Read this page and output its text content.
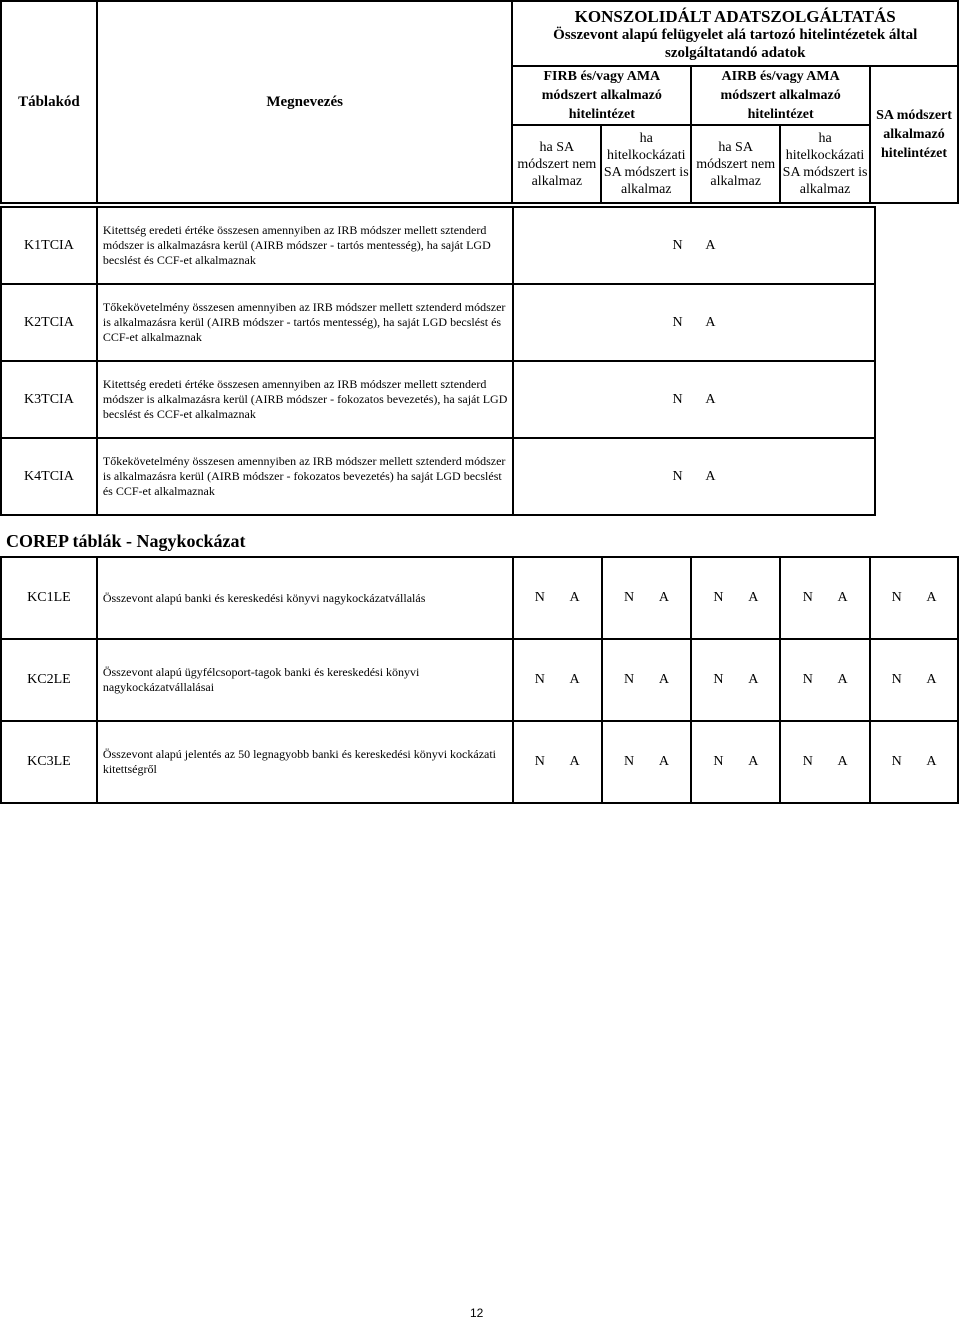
Táblakód	Megnevezés	KONSZOLIDÁLT ADATSZOLGÁLTATÁS
Összevont alapú felügyelet alá tartozó hitelintézetek által szolgáltatandó adatok				

		FIRB és/vagy AMA módszert alkalmazó hitelintézet		AIRB és/vagy AMA módszert alkalmazó hitelintézet		SA módszert alkalmazó hitelintézet
		ha SA módszert nem alkalmaz	ha hitelkockázati SA módszert is alkalmaz	ha SA módszert nem alkalmaz	ha hitelkockázati SA módszert is alkalmaz	
K1TCIA	Kitettség eredeti értéke összesen amennyiben az IRB módszer mellett sztenderd módszer is alkalmazásra kerül (AIRB módszer - tartós mentesség), ha saját LGD becslést és CCF-et alkalmaznak	N A
K2TCIA	Tőkekövetelmény összesen amennyiben az IRB módszer mellett sztenderd módszer is alkalmazásra kerül (AIRB módszer - tartós mentesség), ha saját LGD becslést és CCF-et alkalmaznak	N A
K3TCIA	Kitettség eredeti értéke összesen amennyiben az IRB módszer mellett sztenderd módszer is alkalmazásra kerül (AIRB módszer - fokozatos bevezetés), ha saját LGD becslést és CCF-et alkalmaznak	N A
K4TCIA	Tőkekövetelmény összesen amennyiben az IRB módszer mellett sztenderd módszer is alkalmazásra kerül (AIRB módszer - fokozatos bevezetés) ha saját LGD becslést és CCF-et alkalmaznak	N A
COREP táblák - Nagykockázat
KC1LE	Összevont alapú banki és kereskedési könyvi nagykockázatvállalás	N A	N A	N A	N A	N A
KC2LE	Összevont alapú ügyfélcsoport-tagok banki és kereskedési könyvi nagykockázatvállalásai	N A	N A	N A	N A	N A
KC3LE	Összevont alapú jelentés az 50 legnagyobb banki és kereskedési könyvi kockázati kitettségről	N A	N A	N A	N A	N A
12
